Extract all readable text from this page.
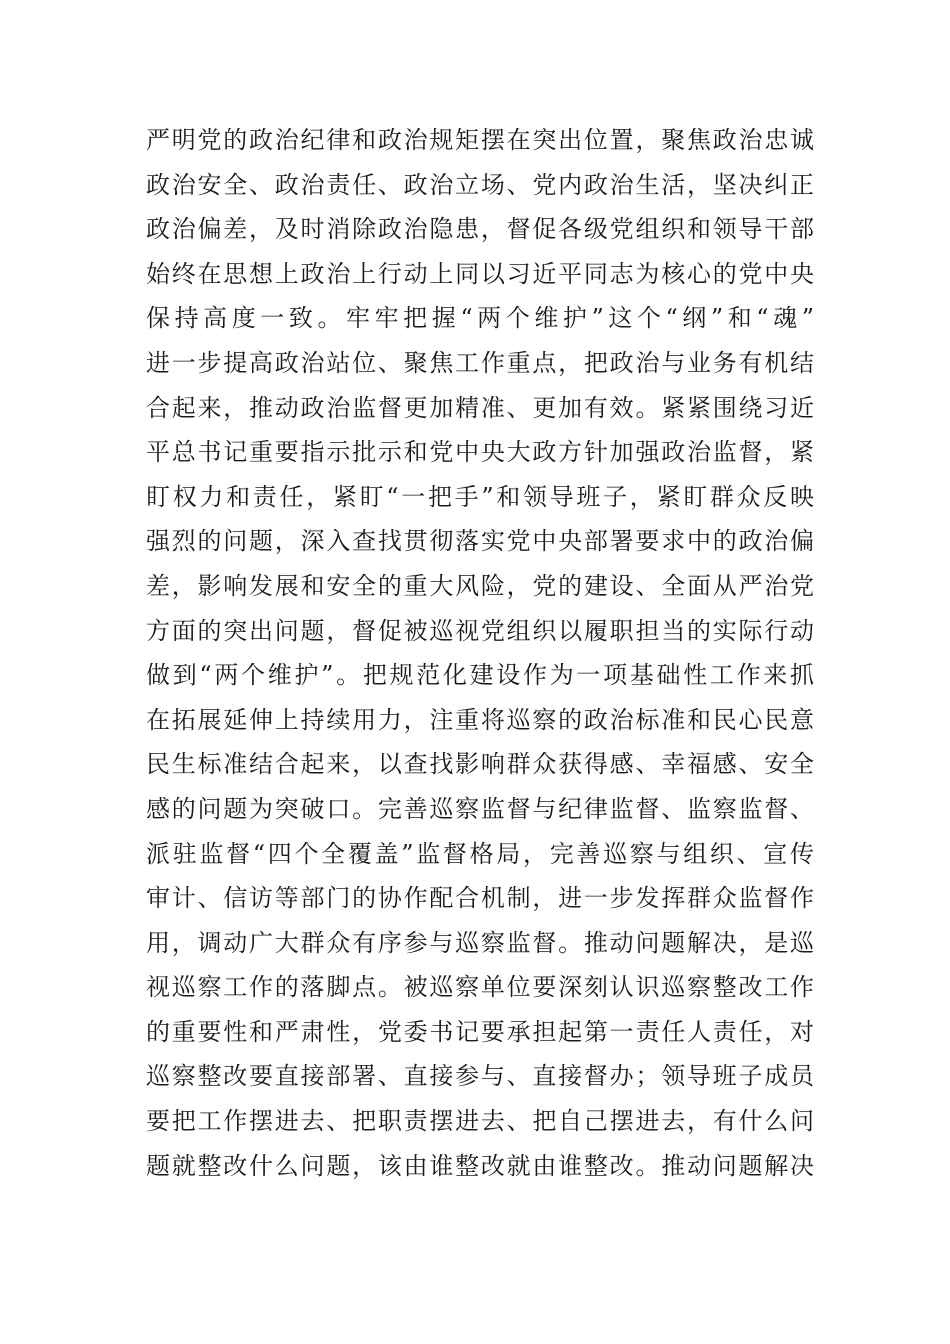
严明党的政治纪律和政治规矩摆在突出位置，聚焦政治忠诚
政治安全、政治责任、政治立场、党内政治生活，坚决纠正
政治偏差，及时消除政治隐患，督促各级党组织和领导干部
始终在思想上政治上行动上同以习近平同志为核心的党中央
保持高度一致。牢牢把握“两个维护”这个“纲”和“魂”
进一步提高政治站位、聚焦工作重点，把政治与业务有机结
合起来，推动政治监督更加精准、更加有效。紧紧围绕习近
平总书记重要指示批示和党中央大政方针加强政治监督，紧
盯权力和责任，紧盯“一把手”和领导班子，紧盯群众反映
强烈的问题，深入查找贯彻落实党中央部署要求中的政治偏
差，影响发展和安全的重大风险，党的建设、全面从严治党
方面的突出问题，督促被巡视党组织以履职担当的实际行动
做到“两个维护”。把规范化建设作为一项基础性工作来抓
在拓展延伸上持续用力，注重将巡察的政治标准和民心民意
民生标准结合起来，以查找影响群众获得感、幸福感、安全
感的问题为突破口。完善巡察监督与纪律监督、监察监督、
派驻监督“四个全覆盖”监督格局，完善巡察与组织、宣传
审计、信访等部门的协作配合机制，进一步发挥群众监督作
用，调动广大群众有序参与巡察监督。推动问题解决，是巡
视巡察工作的落脚点。被巡察单位要深刻认识巡察整改工作
的重要性和严肃性，党委书记要承担起第一责任人责任，对
巡察整改要直接部署、直接参与、直接督办；领导班子成员
要把工作摆进去、把职责摆进去、把自己摆进去，有什么问
题就整改什么问题，该由谁整改就由谁整改。推动问题解决
